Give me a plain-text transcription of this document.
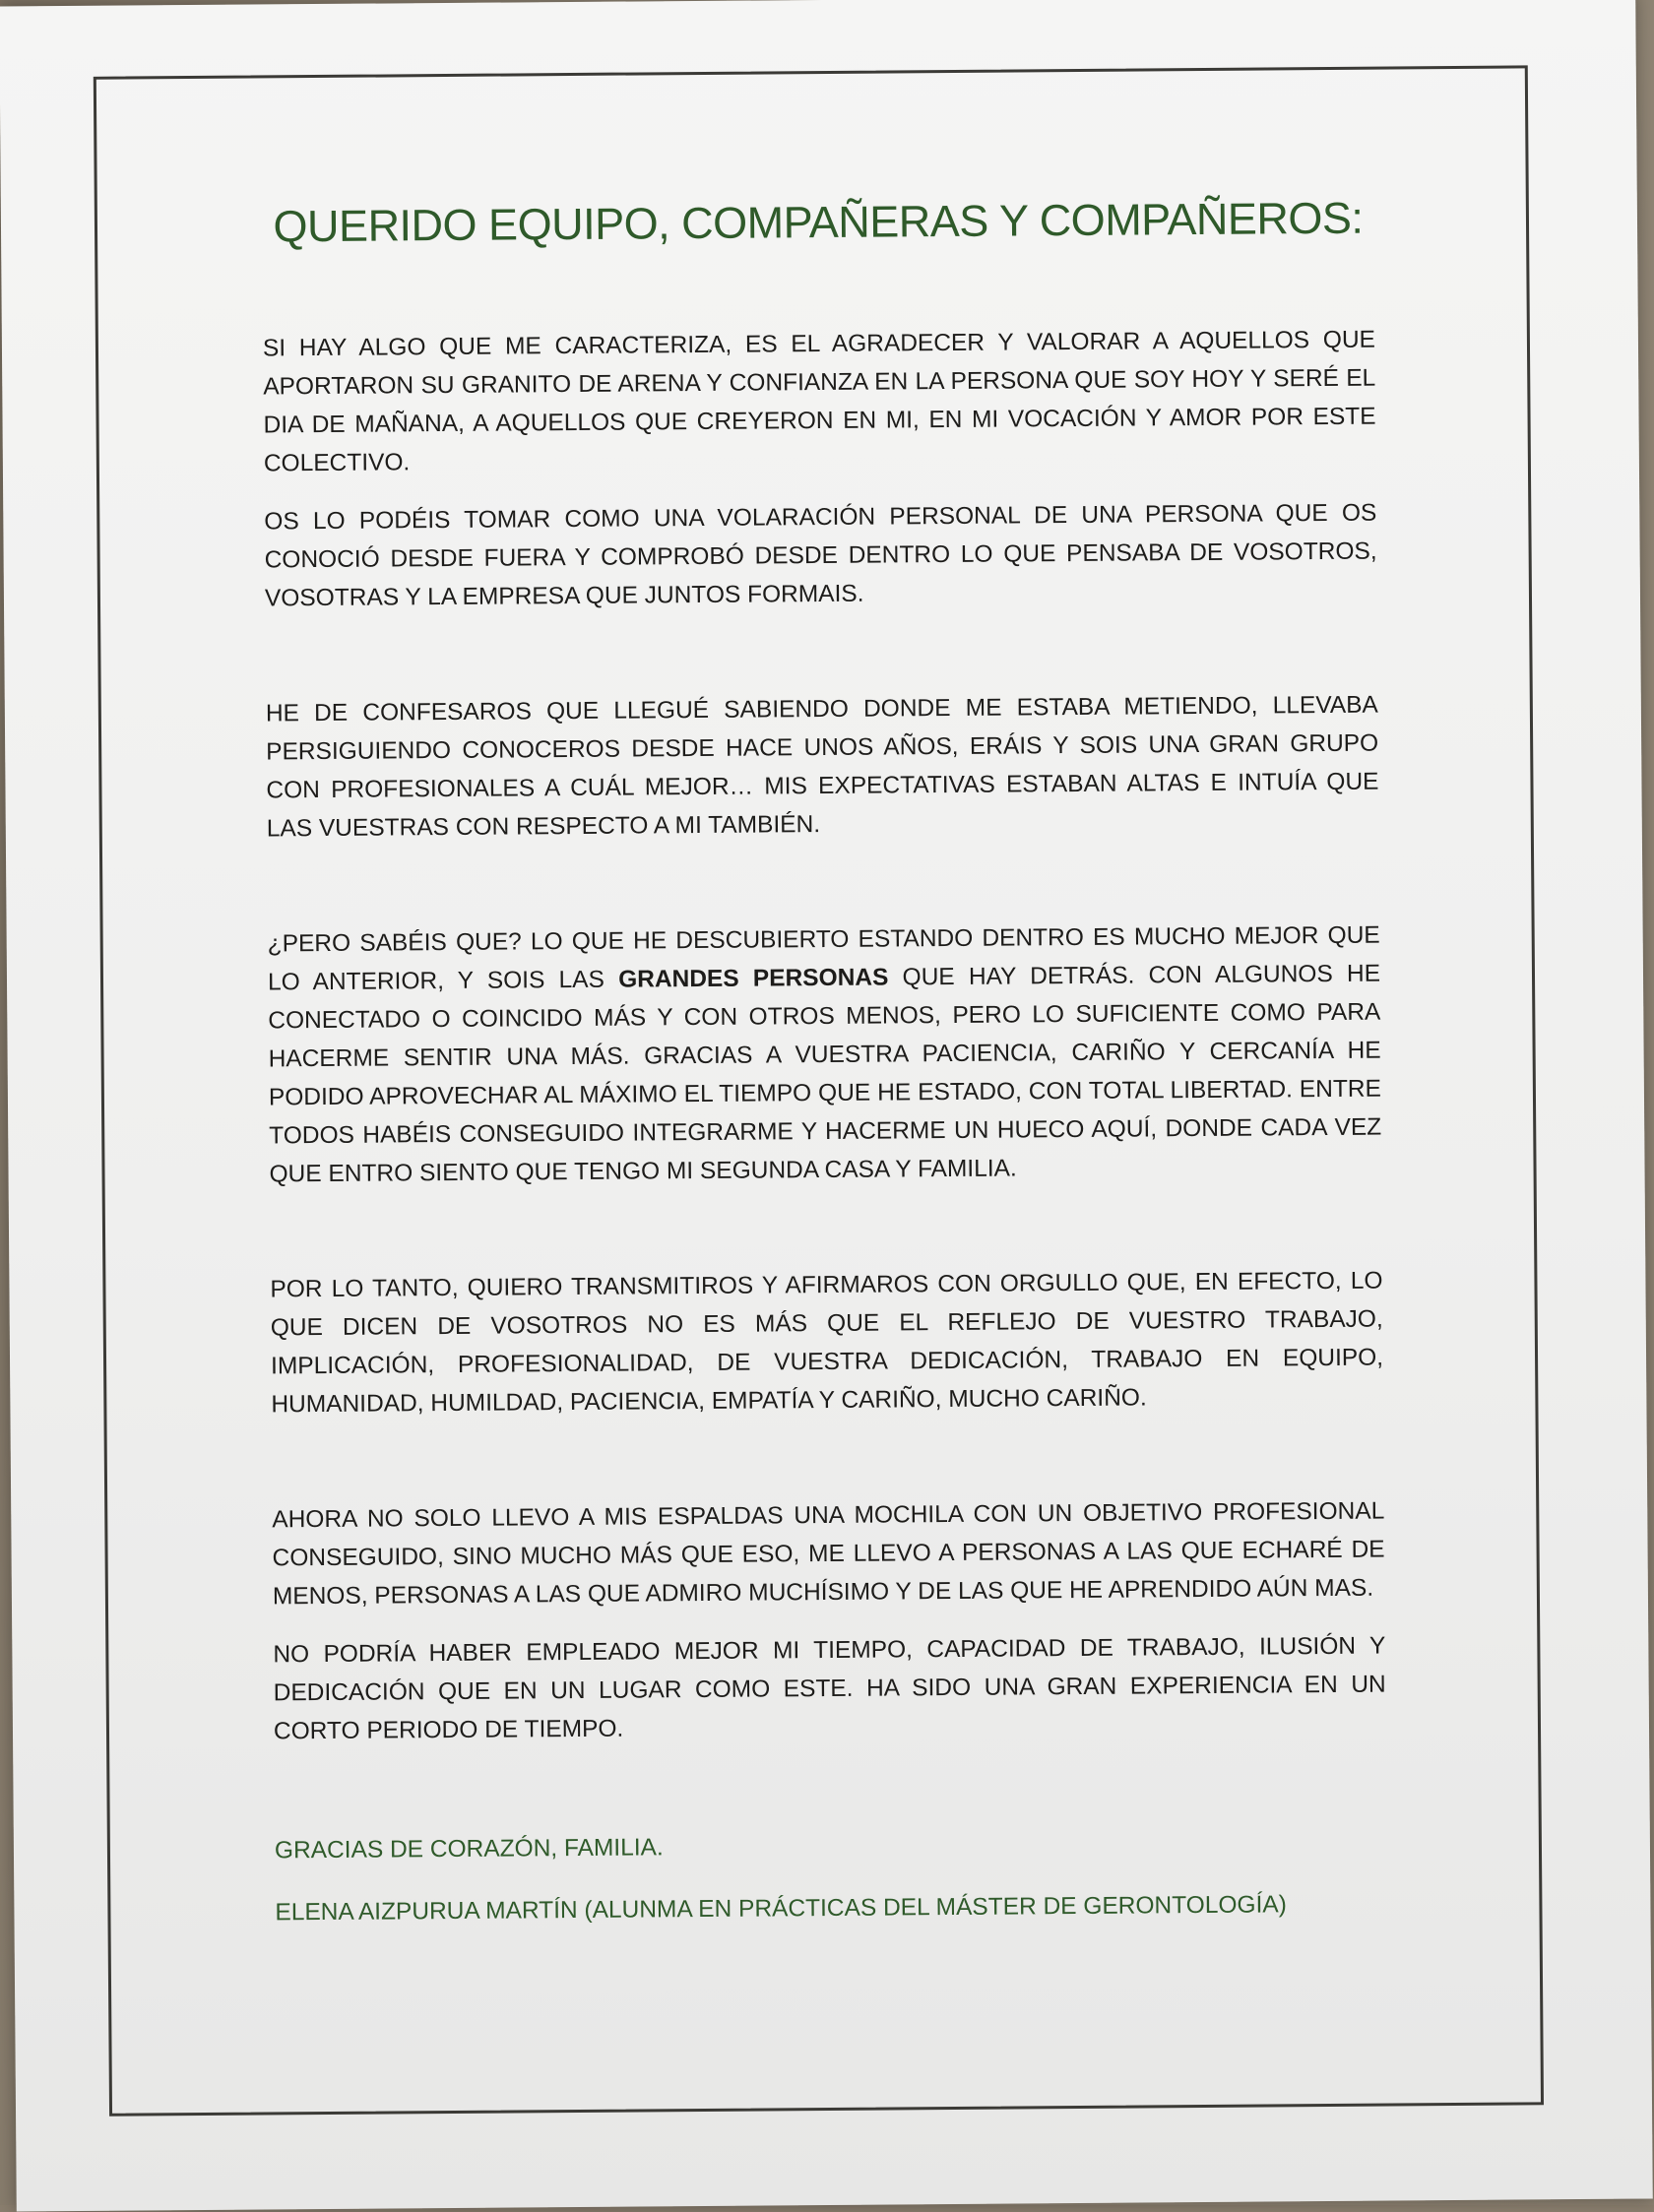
QUERIDO EQUIPO, COMPAÑERAS Y COMPAÑEROS:

SI HAY ALGO QUE ME CARACTERIZA, ES EL AGRADECER Y VALORAR A AQUELLOS QUE APORTARON SU GRANITO DE ARENA Y CONFIANZA EN LA PERSONA QUE SOY HOY Y SERÉ EL DIA DE MAÑANA, A AQUELLOS QUE CREYERON EN MI, EN MI VOCACIÓN Y AMOR POR ESTE COLECTIVO.

OS LO PODÉIS TOMAR COMO UNA VOLARACIÓN PERSONAL DE UNA PERSONA QUE OS CONOCIÓ DESDE FUERA Y COMPROBÓ DESDE DENTRO LO QUE PENSABA DE VOSOTROS, VOSOTRAS Y LA EMPRESA QUE JUNTOS FORMAIS.

HE DE CONFESAROS QUE LLEGUÉ SABIENDO DONDE ME ESTABA METIENDO, LLEVABA PERSIGUIENDO CONOCEROS DESDE HACE UNOS AÑOS, ERÁIS Y SOIS UNA GRAN GRUPO CON PROFESIONALES A CUÁL MEJOR… MIS EXPECTATIVAS ESTABAN ALTAS E INTUÍA QUE LAS VUESTRAS CON RESPECTO A MI TAMBIÉN.

¿PERO SABÉIS QUE? LO QUE HE DESCUBIERTO ESTANDO DENTRO ES MUCHO MEJOR QUE LO ANTERIOR, Y SOIS LAS GRANDES PERSONAS QUE HAY DETRÁS. CON ALGUNOS HE CONECTADO O COINCIDO MÁS Y CON OTROS MENOS, PERO LO SUFICIENTE COMO PARA HACERME SENTIR UNA MÁS. GRACIAS A VUESTRA PACIENCIA, CARIÑO Y CERCANÍA HE PODIDO APROVECHAR AL MÁXIMO EL TIEMPO QUE HE ESTADO, CON TOTAL LIBERTAD. ENTRE TODOS HABÉIS CONSEGUIDO INTEGRARME Y HACERME UN HUECO AQUÍ, DONDE CADA VEZ QUE ENTRO SIENTO QUE TENGO MI SEGUNDA CASA Y FAMILIA.

POR LO TANTO, QUIERO TRANSMITIROS Y AFIRMAROS CON ORGULLO QUE, EN EFECTO, LO QUE DICEN DE VOSOTROS NO ES MÁS QUE EL REFLEJO DE VUESTRO TRABAJO, IMPLICACIÓN, PROFESIONALIDAD, DE VUESTRA DEDICACIÓN, TRABAJO EN EQUIPO, HUMANIDAD, HUMILDAD, PACIENCIA, EMPATÍA Y CARIÑO, MUCHO CARIÑO.

AHORA NO SOLO LLEVO A MIS ESPALDAS UNA MOCHILA CON UN OBJETIVO PROFESIONAL CONSEGUIDO, SINO MUCHO MÁS QUE ESO, ME LLEVO A PERSONAS A LAS QUE ECHARÉ DE MENOS, PERSONAS A LAS QUE ADMIRO MUCHÍSIMO Y DE LAS QUE HE APRENDIDO AÚN MAS.

NO PODRÍA HABER EMPLEADO MEJOR MI TIEMPO, CAPACIDAD DE TRABAJO, ILUSIÓN Y DEDICACIÓN QUE EN UN LUGAR COMO ESTE. HA SIDO UNA GRAN EXPERIENCIA EN UN CORTO PERIODO DE TIEMPO.

GRACIAS DE CORAZÓN, FAMILIA.

ELENA AIZPURUA MARTÍN (ALUNMA EN PRÁCTICAS DEL MÁSTER DE GERONTOLOGÍA)
